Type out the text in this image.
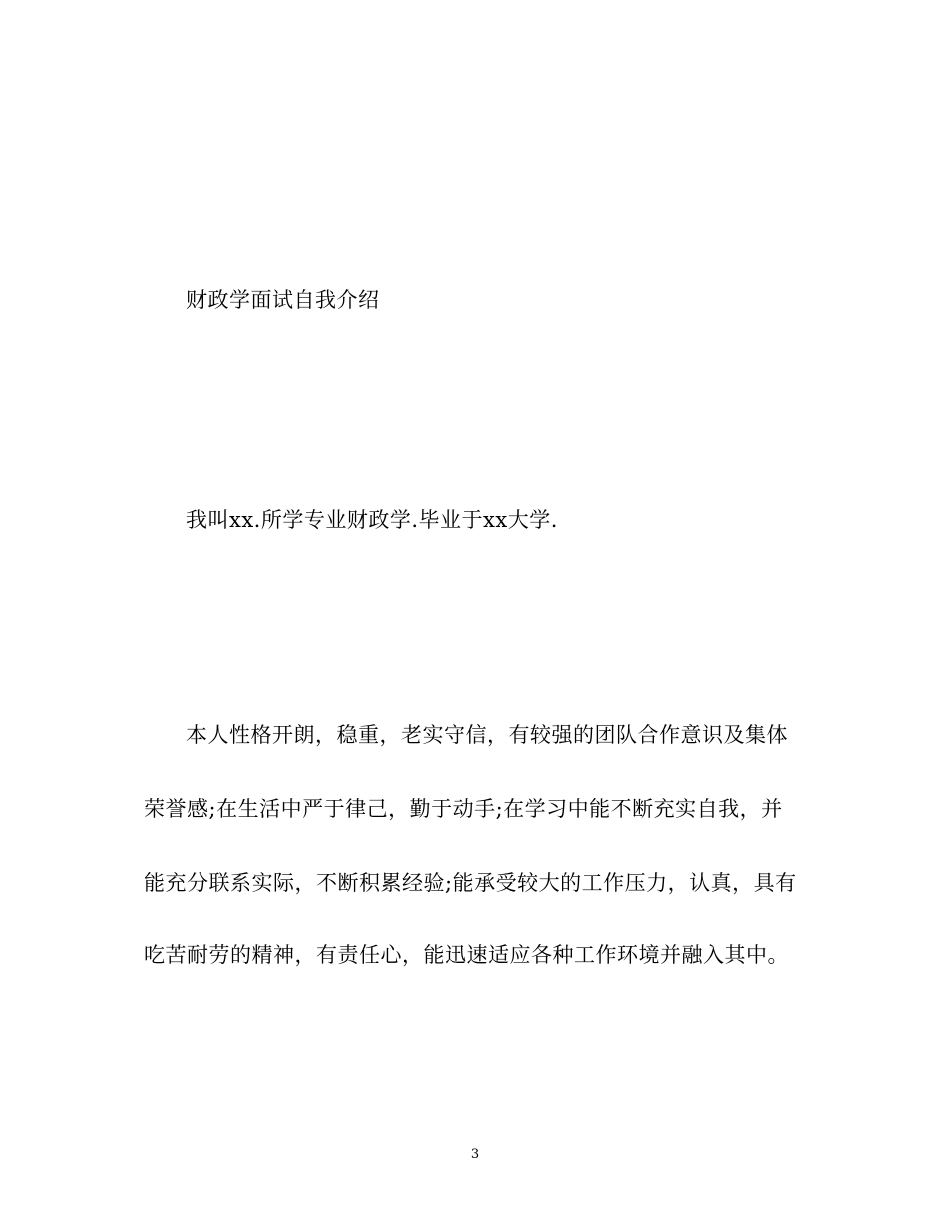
财政学面试自我介绍
我叫xx.所学专业财政学.毕业于xx大学.
本人性格开朗，稳重，老实守信，有较强的团队合作意识及集体
荣誉感;在生活中严于律己，勤于动手;在学习中能不断充实自我，并
能充分联系实际，不断积累经验;能承受较大的工作压力，认真，具有
吃苦耐劳的精神，有责任心，能迅速适应各种工作环境并融入其中。
3
